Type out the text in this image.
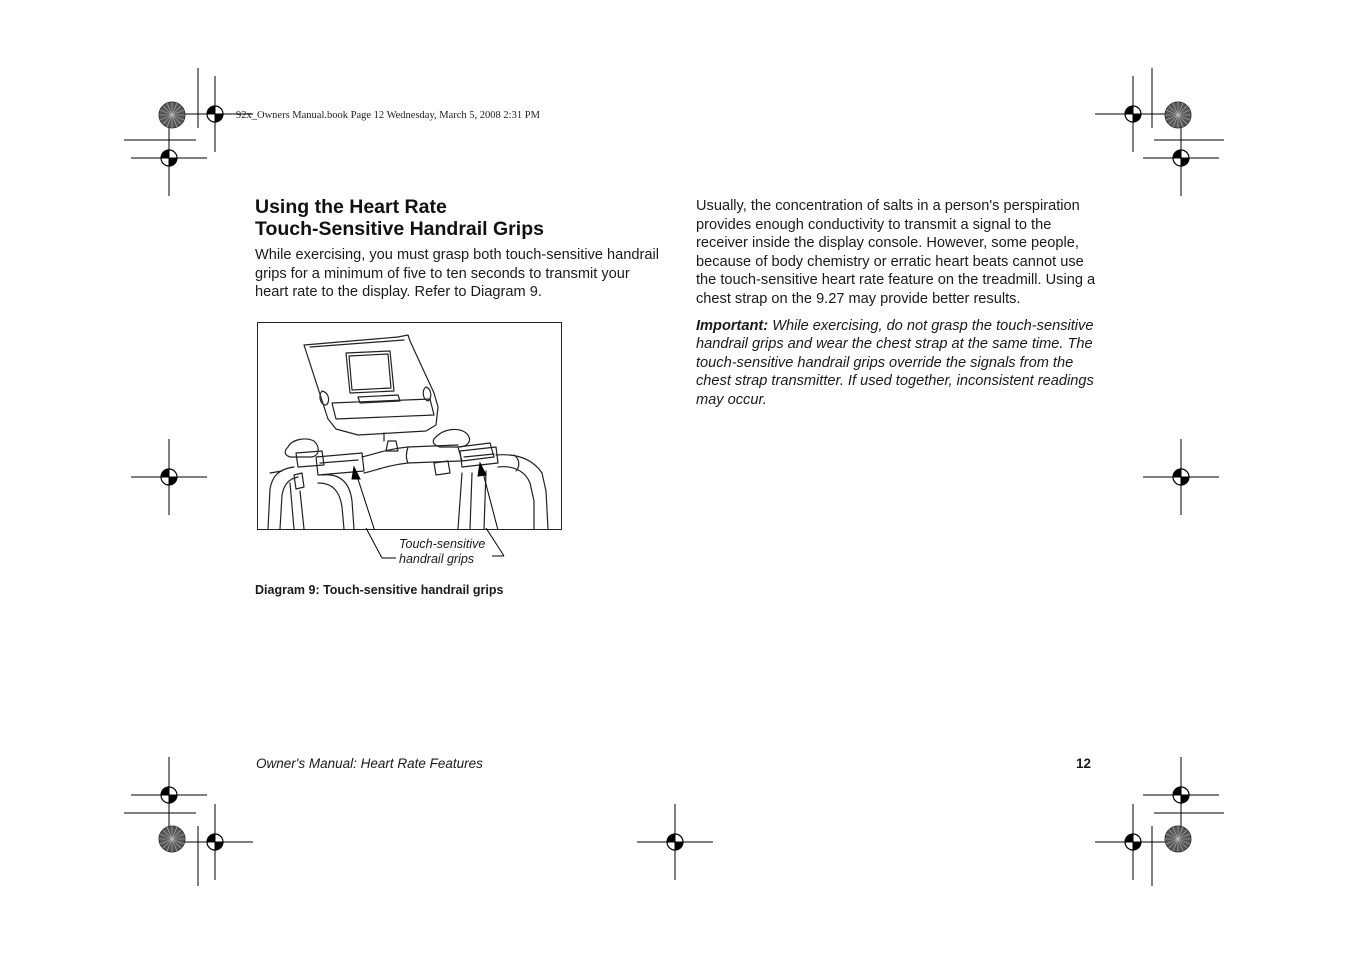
92x_Owners Manual.book Page 12 Wednesday, March 5, 2008 2:31 PM
Using the Heart Rate
Touch-Sensitive Handrail Grips

While exercising, you must grasp both touch-sensitive handrail grips for a minimum of five to ten seconds to transmit your heart rate to the display. Refer to Diagram 9.

Touch-sensitive
handrail grips

Diagram 9: Touch-sensitive handrail grips

Usually, the concentration of salts in a person's perspiration provides enough conductivity to transmit a signal to the receiver inside the display console. However, some people, because of body chemistry or erratic heart beats cannot use the touch-sensitive heart rate feature on the treadmill. Using a chest strap on the 9.27 may provide better results.

Important: While exercising, do not grasp the touch-sensitive handrail grips and wear the chest strap at the same time. The touch-sensitive handrail grips override the signals from the chest strap transmitter. If used together, inconsistent readings may occur.

Owner's Manual: Heart Rate Features	12
